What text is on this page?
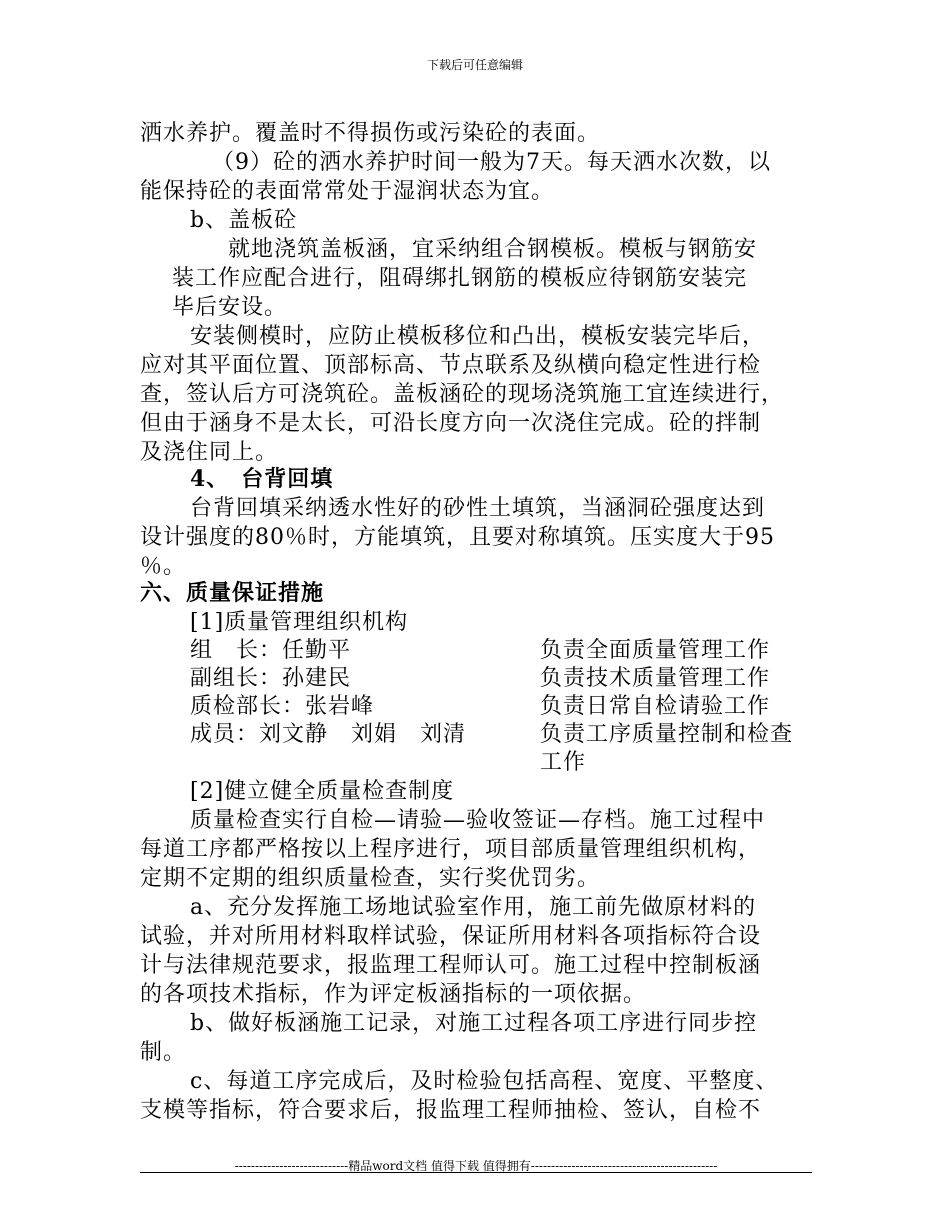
下载后可任意编辑
洒水养护。覆盖时不得损伤或污染砼的表面。
（9）砼的洒水养护时间一般为7天。每天洒水次数，以
能保持砼的表面常常处于湿润状态为宜。
b、盖板砼
就地浇筑盖板涵，宜采纳组合钢模板。模板与钢筋安
装工作应配合进行，阻碍绑扎钢筋的模板应待钢筋安装完
毕后安设。
安装侧模时，应防止模板移位和凸出，模板安装完毕后，
应对其平面位置、顶部标高、节点联系及纵横向稳定性进行检
查，签认后方可浇筑砼。盖板涵砼的现场浇筑施工宜连续进行，
但由于涵身不是太长，可沿长度方向一次浇住完成。砼的拌制
及浇住同上。
4、　台背回填
台背回填采纳透水性好的砂性土填筑，当涵洞砼强度达到
设计强度的80％时，方能填筑，且要对称填筑。压实度大于95
％。
六、质量保证措施
[1]质量管理组织机构
组　长：任勤平	负责全面质量管理工作
副组长：孙建民	负责技术质量管理工作
质检部长：张岩峰	负责日常自检请验工作
成员：刘文静　刘娟　刘清	负责工序质量控制和检查
工作
[2]健立健全质量检查制度
质量检查实行自检—请验—验收签证—存档。施工过程中
每道工序都严格按以上程序进行，项目部质量管理组织机构，
定期不定期的组织质量检查，实行奖优罚劣。
a、充分发挥施工场地试验室作用，施工前先做原材料的
试验，并对所用材料取样试验，保证所用材料各项指标符合设
计与法律规范要求，报监理工程师认可。施工过程中控制板涵
的各项技术指标，作为评定板涵指标的一项依据。
b、做好板涵施工记录，对施工过程各项工序进行同步控
制。
c、每道工序完成后，及时检验包括高程、宽度、平整度、
支模等指标，符合要求后，报监理工程师抽检、签认，自检不
----------------------------精品word文档 值得下载 值得拥有----------------------------------------------
